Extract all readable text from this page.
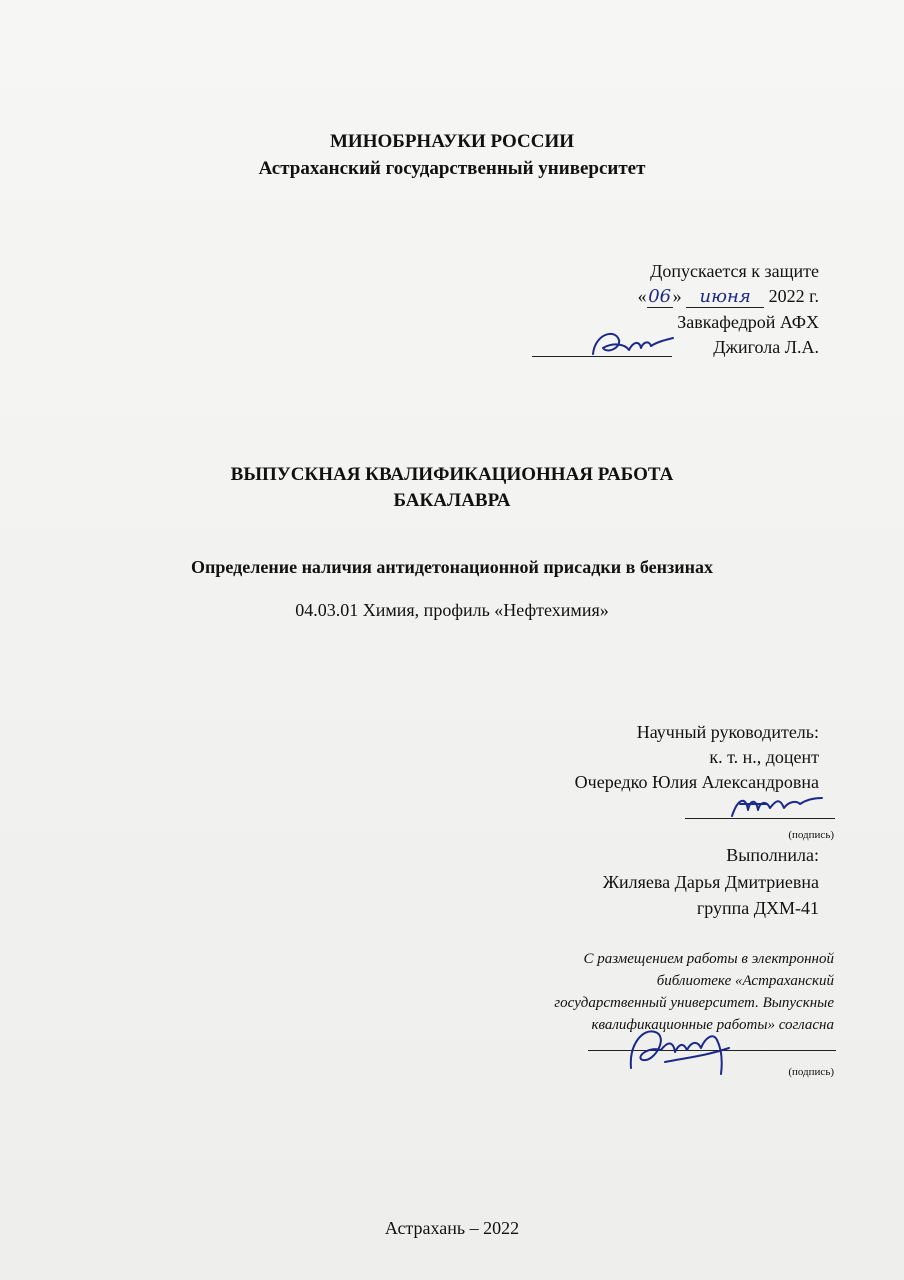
МИНОБРНАУКИ РОССИИ
Астраханский государственный университет
Допускается к защите
«06» июня 2022 г.
Завкафедрой АФХ
Джигола Л.А.
ВЫПУСКНАЯ КВАЛИФИКАЦИОННАЯ РАБОТА
БАКАЛАВРА
Определение наличия антидетонационной присадки в бензинах
04.03.01 Химия, профиль «Нефтехимия»
Научный руководитель:
к. т. н., доцент
Очередко Юлия Александровна
(подпись)
Выполнила:
Жиляева Дарья Дмитриевна
группа ДХМ-41
С размещением работы в электронной
библиотеке «Астраханский
государственный университет. Выпускные
квалификационные работы» согласна
(подпись)
Астрахань – 2022
